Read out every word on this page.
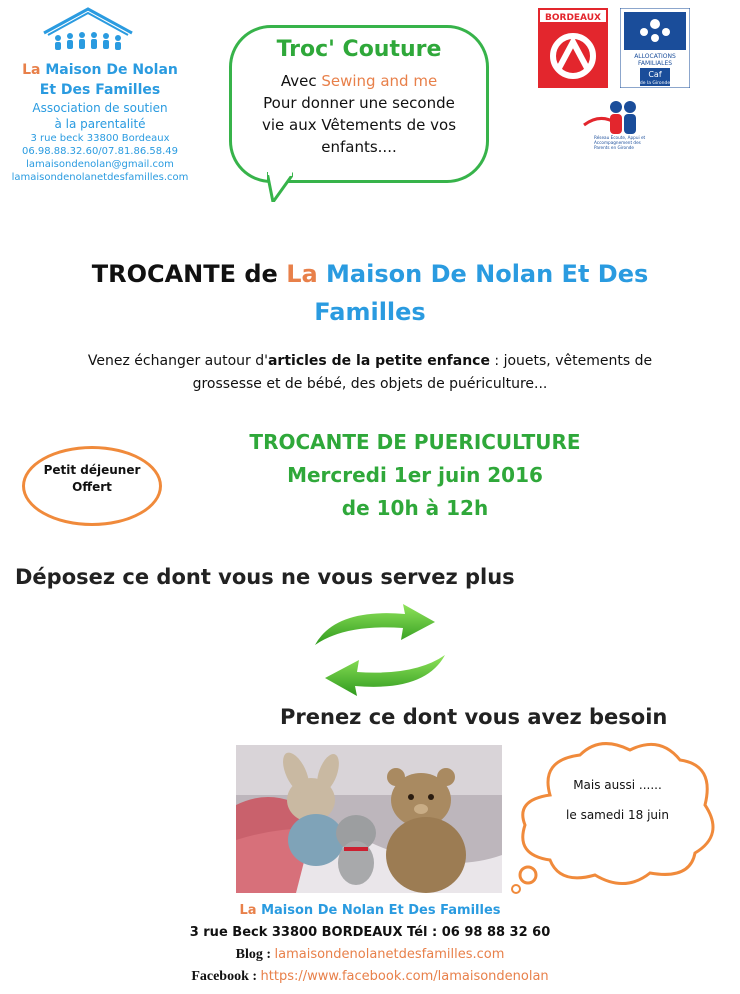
La Maison De Nolan
Et Des Familles
Association de soutien
à la parentalité
3 rue beck 33800 Bordeaux
06.98.88.32.60/07.81.86.58.49
lamaisondenolan@gmail.com
lamaisondenolanetdesfamilles.com
Troc' Couture
Avec Sewing and me
Pour donner une seconde
vie aux Vêtements de vos
enfants....
BORDEAUX
ALLOCATIONS
FAMILIALES
Caf
de la Gironde
Réseau Écoute, Appui et Accompagnement des Parents en Gironde
TROCANTE de La Maison De Nolan Et Des
Familles
Venez échanger autour d'articles de la petite enfance : jouets, vêtements de
grossesse et de bébé, des objets de puériculture...
TROCANTE DE PUERICULTURE
Mercredi 1er juin 2016
de 10h à 12h
Petit déjeuner
Offert
Déposez ce dont vous ne vous servez plus
Prenez ce dont vous avez besoin
Mais aussi ......
le samedi 18 juin
La Maison De Nolan Et Des Familles
3 rue Beck 33800 BORDEAUX Tél : 06 98 88 32 60
Blog : lamaisondenolanetdesfamilles.com
Facebook : https://www.facebook.com/lamaisondenolan
